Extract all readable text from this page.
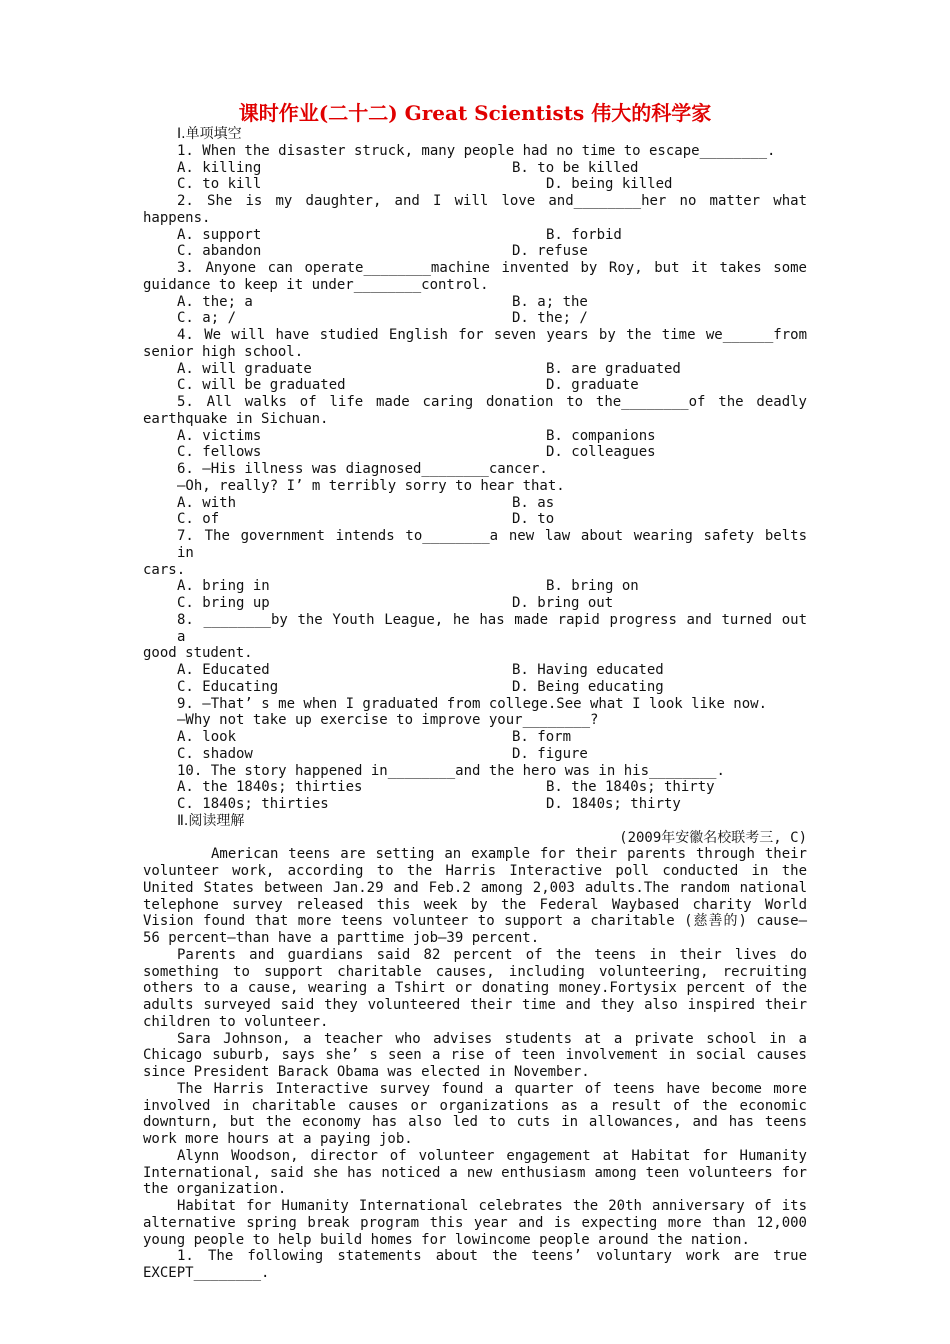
课时作业(二十二) Great Scientists 伟大的科学家
Ⅰ.单项填空
1. When the disaster struck, many people had no time to escape________.
A. killing	B. to be killed
C. to kill	D. being killed
2. She is my daughter, and I will love and________her no matter what
happens.
A. support	B. forbid
C. abandon	D. refuse
3. Anyone can operate________machine invented by Roy, but it takes some
guidance to keep it under________control.
A. the; a	B. a; the
C. a; /	D. the; /
4. We will have studied English for seven years by the time we______from
senior high school.
A. will graduate	B. are graduated
C. will be graduated	D. graduate
5. All walks of life made caring donation to the________of the deadly
earthquake in Sichuan.
A. victims	B. companions
C. fellows	D. colleagues
6. —His illness was diagnosed________cancer.
—Oh, really? I’ m terribly sorry to hear that.
A. with	B. as
C. of	D. to
7. The government intends to________a new law about wearing safety belts in
cars.
A. bring in	B. bring on
C. bring up	D. bring out
8. ________by the Youth League, he has made rapid progress and turned out a
good student.
A. Educated	B. Having educated
C. Educating	D. Being educating
9. —That’ s me when I graduated from college.See what I look like now.
—Why not take up exercise to improve your________?
A. look	B. form
C. shadow	D. figure
10. The story happened in________and the hero was in his________.
A. the 1840s; thirties	B. the 1840s; thirty
C. 1840s; thirties	D. 1840s; thirty
Ⅱ.阅读理解
(2009年安徽名校联考三, C)
American teens are setting an example for their parents through their
volunteer work, according to the Harris Interactive poll conducted in the
United States between Jan.29 and Feb.2 among 2,003 adults.The random national
telephone survey released this week by the Federal Waybased charity World
Vision found that more teens volunteer to support a charitable (慈善的) cause—
56 percent—than have a parttime job—39 percent.
Parents and guardians said 82 percent of the teens in their lives do
something to support charitable causes, including volunteering, recruiting
others to a cause, wearing a Tshirt or donating money.Fortysix percent of the
adults surveyed said they volunteered their time and they also inspired their
children to volunteer.
Sara Johnson, a teacher who advises students at a private school in a
Chicago suburb, says she’ s seen a rise of teen involvement in social causes
since President Barack Obama was elected in November.
The Harris Interactive survey found a quarter of teens have become more
involved in charitable causes or organizations as a result of the economic
downturn, but the economy has also led to cuts in allowances, and has teens
work more hours at a paying job.
Alynn Woodson, director of volunteer engagement at Habitat for Humanity
International, said she has noticed a new enthusiasm among teen volunteers for
the organization.
Habitat for Humanity International celebrates the 20th anniversary of its
alternative spring break program this year and is expecting more than 12,000
young people to help build homes for lowincome people around the nation.
1. The following statements about the teens’ voluntary work are true
EXCEPT________.
